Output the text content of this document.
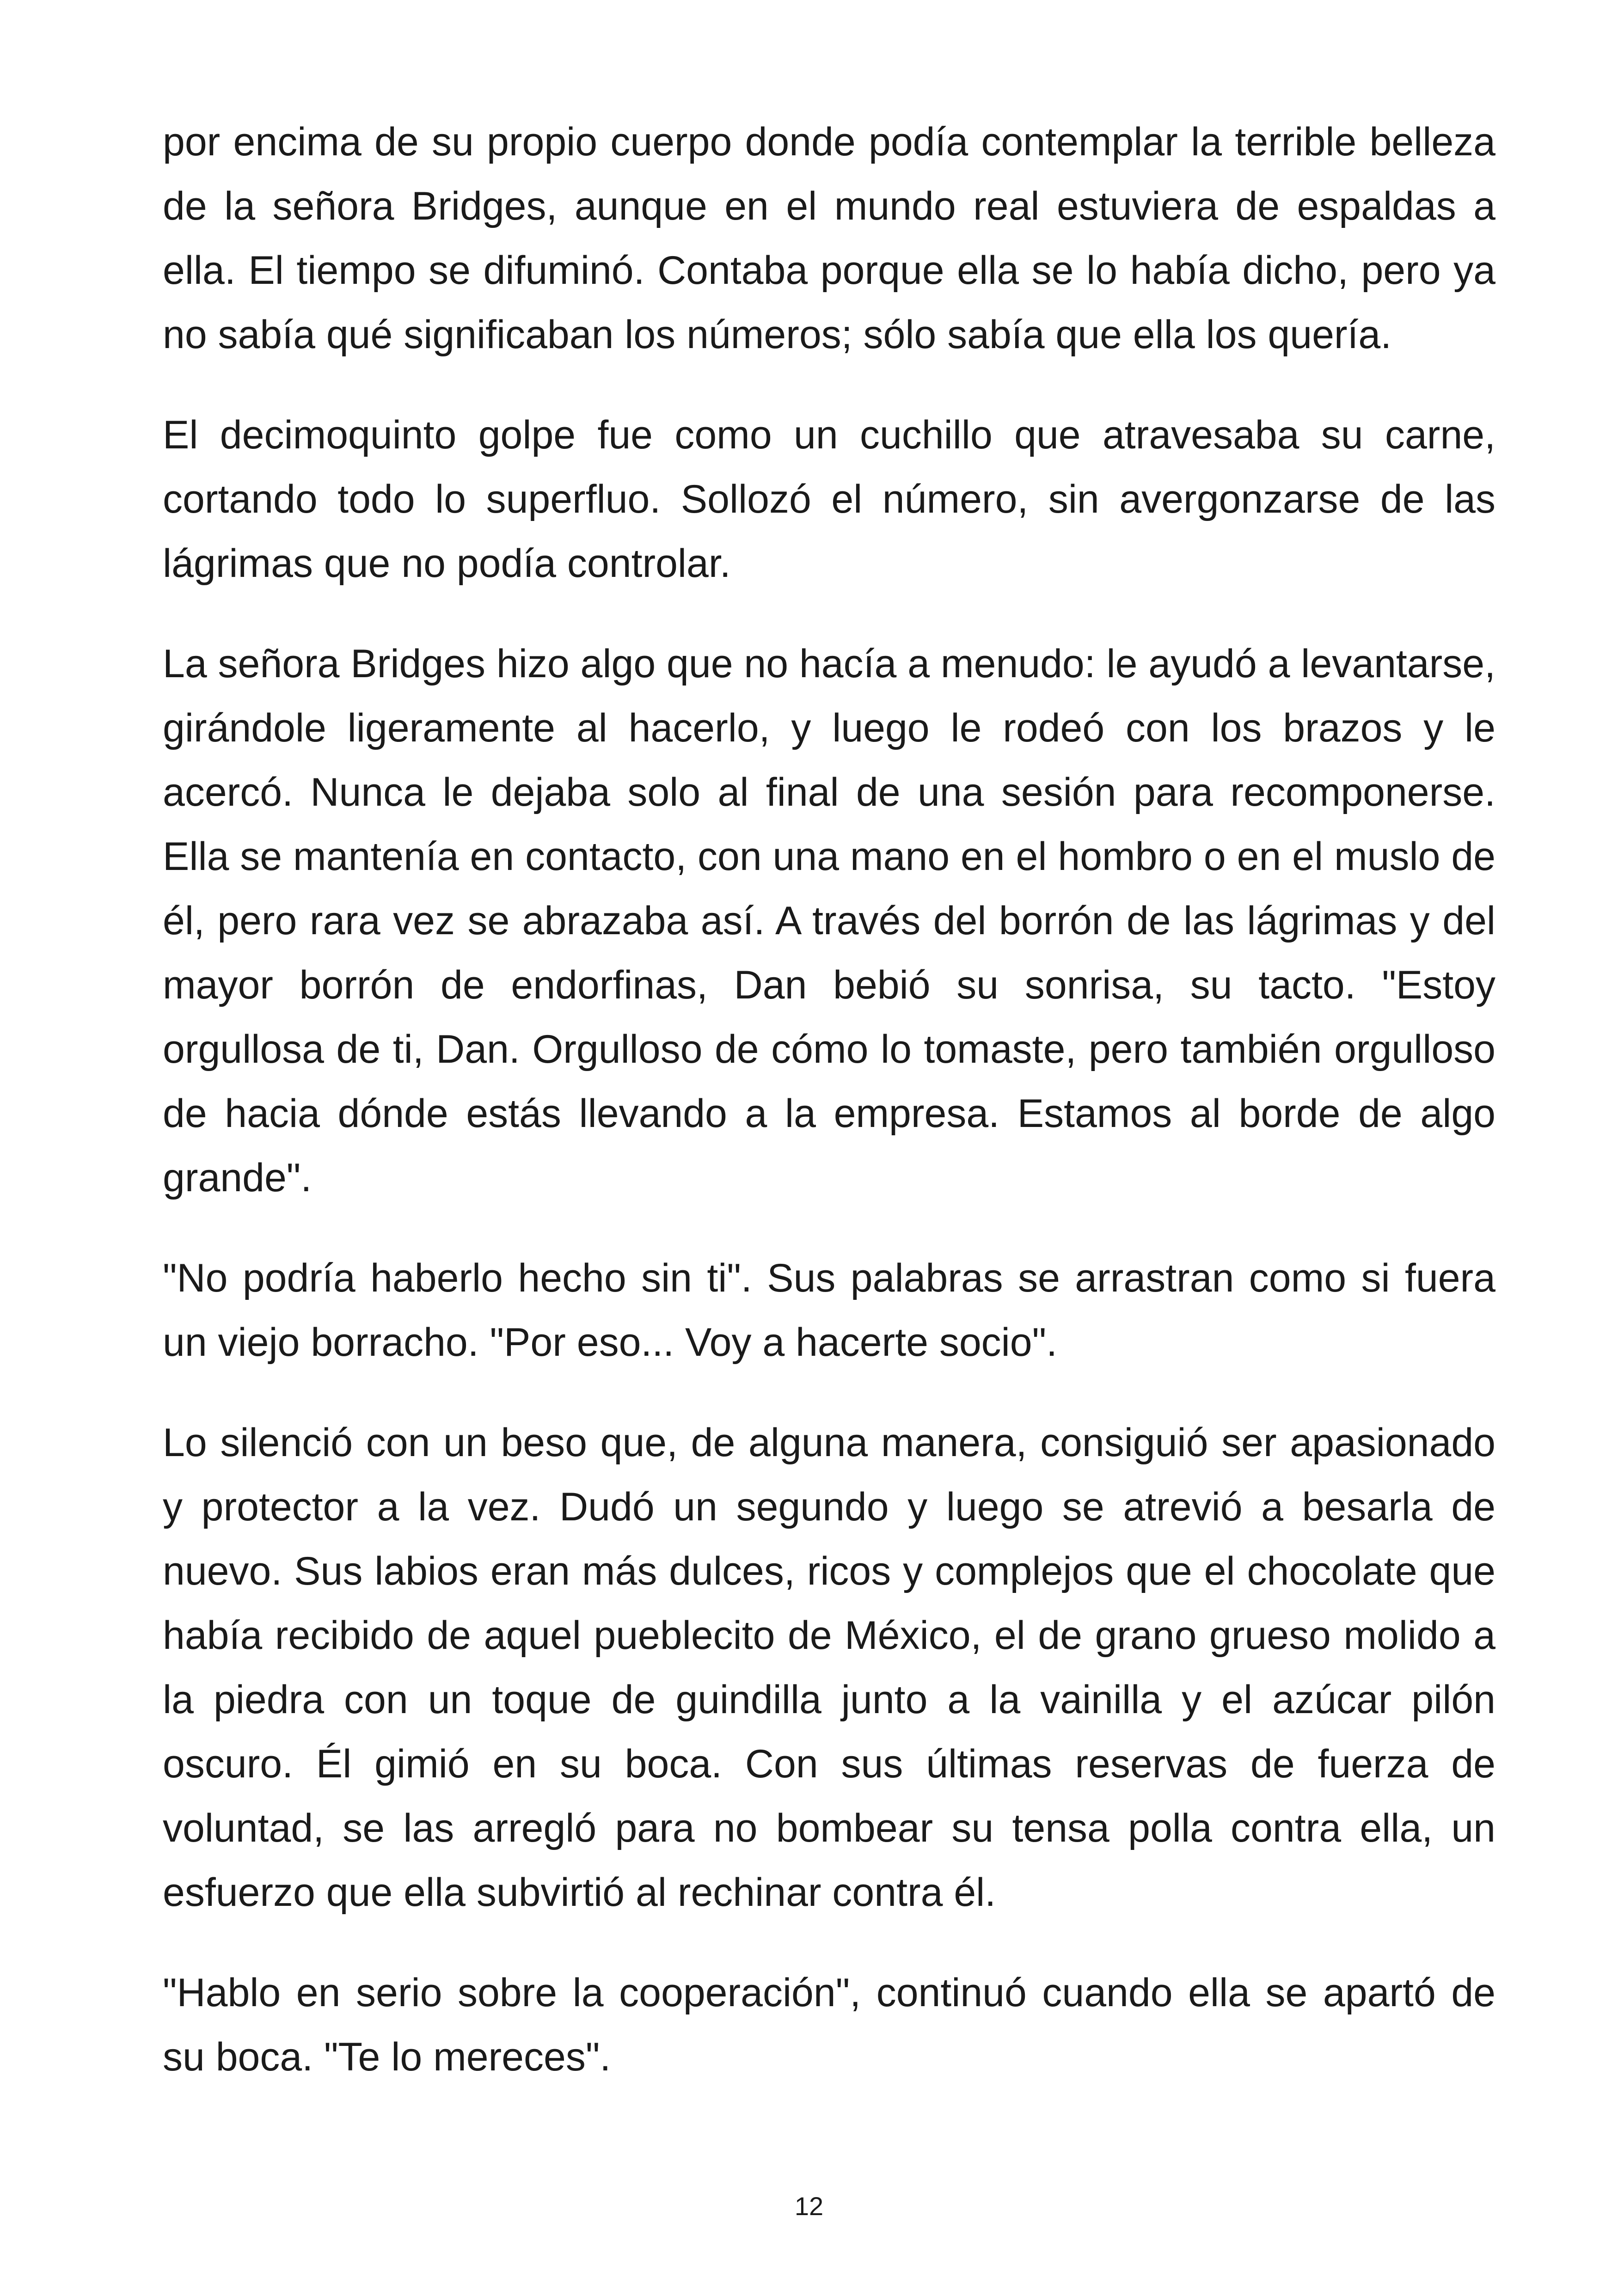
por encima de su propio cuerpo donde podía contemplar la terrible belleza de la señora Bridges, aunque en el mundo real estuviera de espaldas a ella. El tiempo se difuminó. Contaba porque ella se lo había dicho, pero ya no sabía qué significaban los números; sólo sabía que ella los quería.

El decimoquinto golpe fue como un cuchillo que atravesaba su carne, cortando todo lo superfluo. Sollozó el número, sin avergonzarse de las lágrimas que no podía controlar.

La señora Bridges hizo algo que no hacía a menudo: le ayudó a levantarse, girándole ligeramente al hacerlo, y luego le rodeó con los brazos y le acercó. Nunca le dejaba solo al final de una sesión para recomponerse. Ella se mantenía en contacto, con una mano en el hombro o en el muslo de él, pero rara vez se abrazaba así. A través del borrón de las lágrimas y del mayor borrón de endorfinas, Dan bebió su sonrisa, su tacto. "Estoy orgullosa de ti, Dan. Orgulloso de cómo lo tomaste, pero también orgulloso de hacia dónde estás llevando a la empresa. Estamos al borde de algo grande".

"No podría haberlo hecho sin ti". Sus palabras se arrastran como si fuera un viejo borracho. "Por eso... Voy a hacerte socio".

Lo silenció con un beso que, de alguna manera, consiguió ser apasionado y protector a la vez. Dudó un segundo y luego se atrevió a besarla de nuevo. Sus labios eran más dulces, ricos y complejos que el chocolate que había recibido de aquel pueblecito de México, el de grano grueso molido a la piedra con un toque de guindilla junto a la vainilla y el azúcar pilón oscuro. Él gimió en su boca. Con sus últimas reservas de fuerza de voluntad, se las arregló para no bombear su tensa polla contra ella, un esfuerzo que ella subvirtió al rechinar contra él.

"Hablo en serio sobre la cooperación", continuó cuando ella se apartó de su boca. "Te lo mereces".

12
